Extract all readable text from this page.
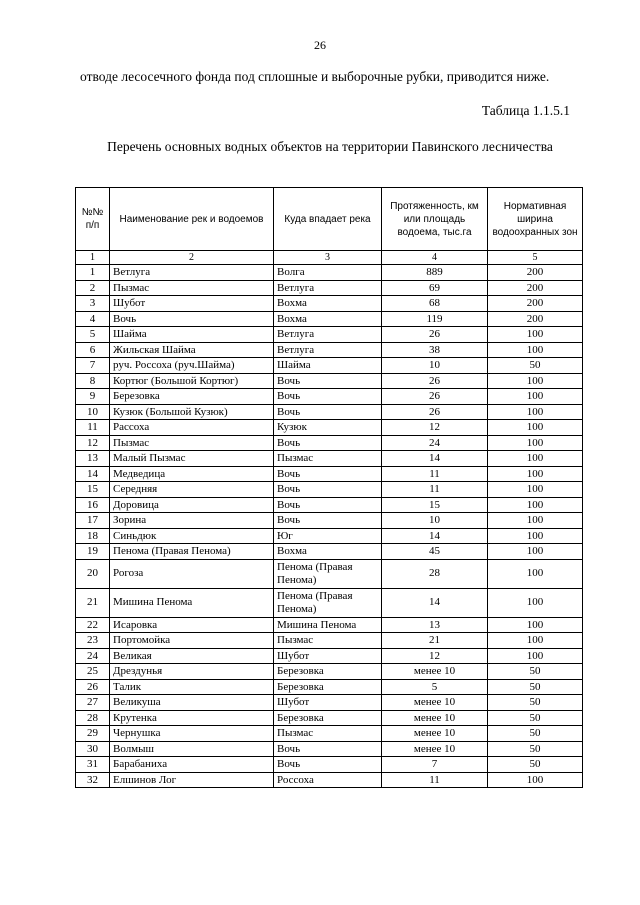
26
отводе лесосечного фонда под сплошные и выборочные рубки, приводится ниже.
Таблица 1.1.5.1
Перечень основных водных объектов на территории Павинского лесничества
№№ п/п	Наименование рек и водоемов	Куда впадает река	Протяженность, км или площадь водоема, тыс.га	Нормативная ширина водоохранных зон
1	2	3	4	5
1	Ветлуга	Волга	889	200
2	Пызмас	Ветлуга	69	200
3	Шубот	Вохма	68	200
4	Вочь	Вохма	119	200
5	Шайма	Ветлуга	26	100
6	Жильская Шайма	Ветлуга	38	100
7	руч. Россоха (руч.Шайма)	Шайма	10	50
8	Кортюг (Большой Кортюг)	Вочь	26	100
9	Березовка	Вочь	26	100
10	Кузюк (Большой Кузюк)	Вочь	26	100
11	Рассоха	Кузюк	12	100
12	Пызмас	Вочь	24	100
13	Малый Пызмас	Пызмас	14	100
14	Медведица	Вочь	11	100
15	Середняя	Вочь	11	100
16	Доровица	Вочь	15	100
17	Зорина	Вочь	10	100
18	Синьдюк	Юг	14	100
19	Пенома (Правая Пенома)	Вохма	45	100
20	Рогоза	Пенома (Правая Пенома)	28	100
21	Мишина Пенома	Пенома (Правая Пенома)	14	100
22	Исаровка	Мишина Пенома	13	100
23	Портомойка	Пызмас	21	100
24	Великая	Шубот	12	100
25	Дрездунья	Березовка	менее 10	50
26	Талик	Березовка	5	50
27	Великуша	Шубот	менее 10	50
28	Крутенка	Березовка	менее 10	50
29	Чернушка	Пызмас	менее 10	50
30	Волмыш	Вочь	менее 10	50
31	Барабаниха	Вочь	7	50
32	Елшинов Лог	Россоха	11	100
